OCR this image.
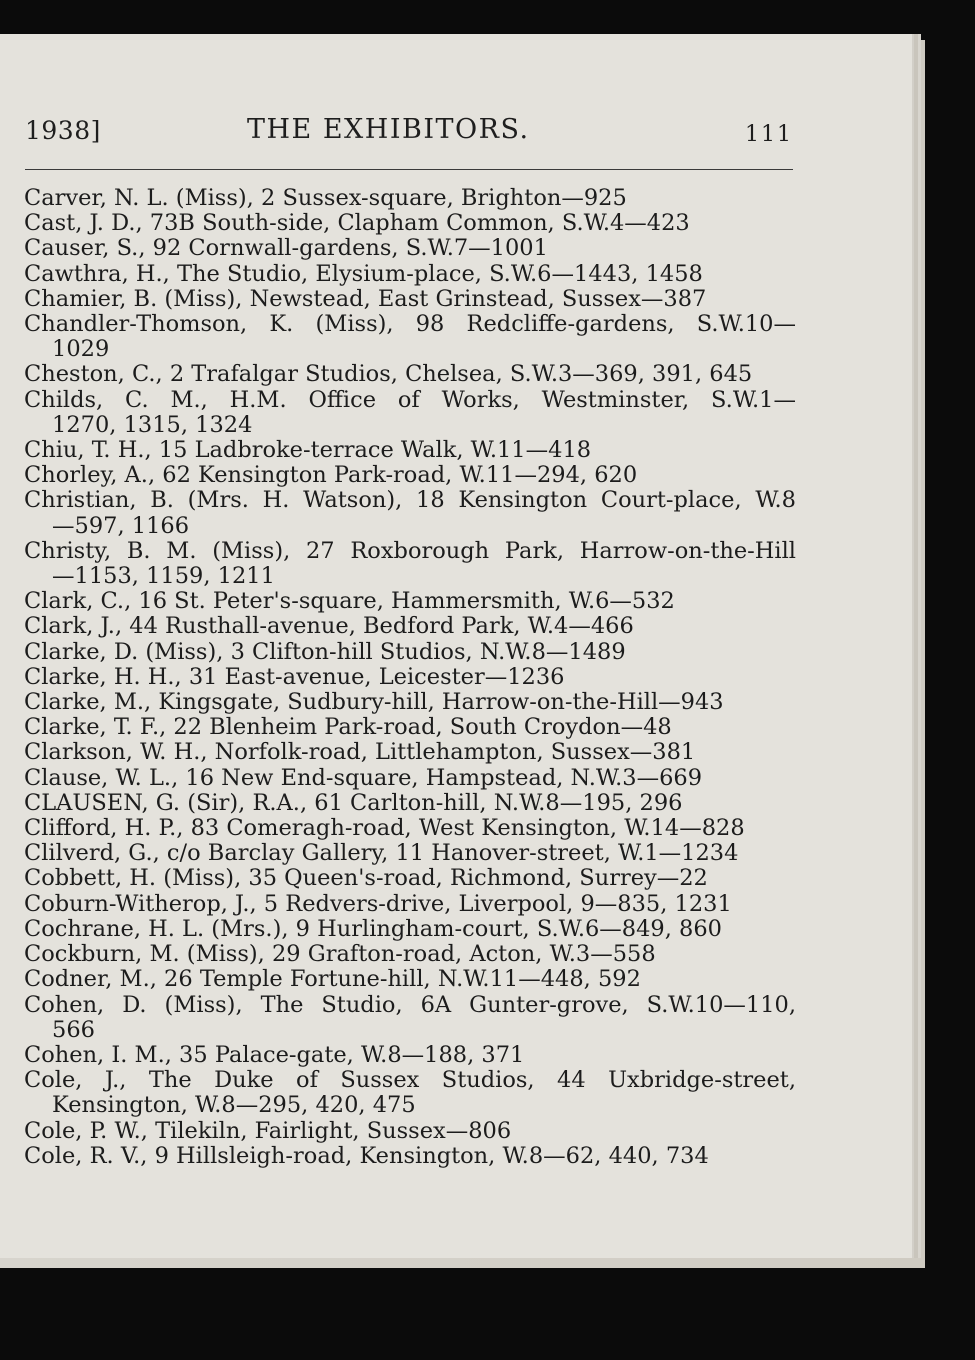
1938]	THE EXHIBITORS.	111
Carver, N. L. (Miss), 2 Sussex-square, Brighton—925
Cast, J. D., 73B South-side, Clapham Common, S.W.4—423
Causer, S., 92 Cornwall-gardens, S.W.7—1001
Cawthra, H., The Studio, Elysium-place, S.W.6—1443, 1458
Chamier, B. (Miss), Newstead, East Grinstead, Sussex—387
Chandler-Thomson, K. (Miss), 98 Redcliffe-gardens, S.W.10—
1029
Cheston, C., 2 Trafalgar Studios, Chelsea, S.W.3—369, 391, 645
Childs, C. M., H.M. Office of Works, Westminster, S.W.1—
1270, 1315, 1324
Chiu, T. H., 15 Ladbroke-terrace Walk, W.11—418
Chorley, A., 62 Kensington Park-road, W.11—294, 620
Christian, B. (Mrs. H. Watson), 18 Kensington Court-place, W.8
—597, 1166
Christy, B. M. (Miss), 27 Roxborough Park, Harrow-on-the-Hill
—1153, 1159, 1211
Clark, C., 16 St. Peter's-square, Hammersmith, W.6—532
Clark, J., 44 Rusthall-avenue, Bedford Park, W.4—466
Clarke, D. (Miss), 3 Clifton-hill Studios, N.W.8—1489
Clarke, H. H., 31 East-avenue, Leicester—1236
Clarke, M., Kingsgate, Sudbury-hill, Harrow-on-the-Hill—943
Clarke, T. F., 22 Blenheim Park-road, South Croydon—48
Clarkson, W. H., Norfolk-road, Littlehampton, Sussex—381
Clause, W. L., 16 New End-square, Hampstead, N.W.3—669
CLAUSEN, G. (Sir), R.A., 61 Carlton-hill, N.W.8—195, 296
Clifford, H. P., 83 Comeragh-road, West Kensington, W.14—828
Clilverd, G., c/o Barclay Gallery, 11 Hanover-street, W.1—1234
Cobbett, H. (Miss), 35 Queen's-road, Richmond, Surrey—22
Coburn-Witherop, J., 5 Redvers-drive, Liverpool, 9—835, 1231
Cochrane, H. L. (Mrs.), 9 Hurlingham-court, S.W.6—849, 860
Cockburn, M. (Miss), 29 Grafton-road, Acton, W.3—558
Codner, M., 26 Temple Fortune-hill, N.W.11—448, 592
Cohen, D. (Miss), The Studio, 6A Gunter-grove, S.W.10—110,
566
Cohen, I. M., 35 Palace-gate, W.8—188, 371
Cole, J., The Duke of Sussex Studios, 44 Uxbridge-street,
Kensington, W.8—295, 420, 475
Cole, P. W., Tilekiln, Fairlight, Sussex—806
Cole, R. V., 9 Hillsleigh-road, Kensington, W.8—62, 440, 734
